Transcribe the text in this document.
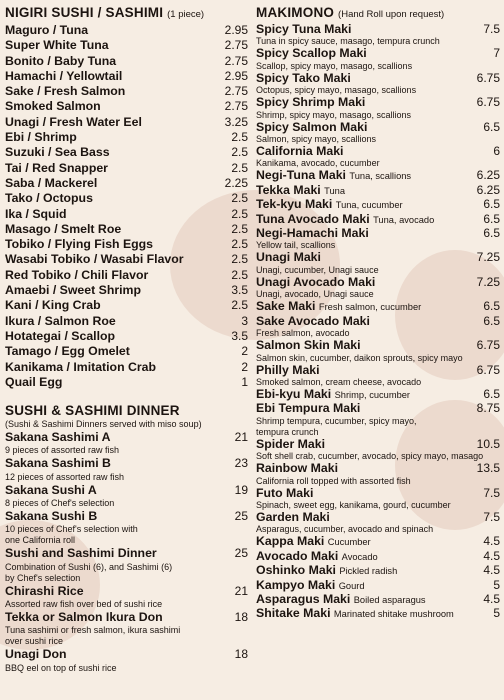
NIGIRI SUSHI / SASHIMI (1 piece)
Maguro / Tuna	2.95
Super White Tuna	2.75
Bonito / Baby Tuna	2.75
Hamachi / Yellowtail	2.95
Sake / Fresh Salmon	2.75
Smoked Salmon	2.75
Unagi / Fresh Water Eel	3.25
Ebi / Shrimp	2.5
Suzuki / Sea Bass	2.5
Tai / Red Snapper	2.5
Saba / Mackerel	2.25
Tako / Octopus	2.5
Ika / Squid	2.5
Masago / Smelt Roe	2.5
Tobiko / Flying Fish Eggs	2.5
Wasabi Tobiko / Wasabi Flavor	2.5
Red Tobiko / Chili Flavor	2.5
Amaebi / Sweet Shrimp	3.5
Kani / King Crab	2.5
Ikura / Salmon Roe	3
Hotategai / Scallop	3.5
Tamago / Egg Omelet	2
Kanikama / Imitation Crab	2
Quail Egg	1
SUSHI & SASHIMI DINNER
(Sushi & Sashimi Dinners served with miso soup)
Sakana Sashimi A	21
9 pieces of assorted raw fish
Sakana Sashimi B	23
12 pieces of assorted raw fish
Sakana Sushi A	19
8 pieces of Chef's selection
Sakana Sushi B	25
10 pieces of Chef's selection with
one California roll
Sushi and Sashimi Dinner	25
Combination of Sushi (6), and Sashimi (6)
by Chef's selection
Chirashi Rice	21
Assorted raw fish over bed of sushi rice
Tekka or Salmon Ikura Don	18
Tuna sashimi or fresh salmon, ikura sashimi
over sushi rice
Unagi Don	18
BBQ eel on top of sushi rice
MAKIMONO (Hand Roll upon request)
Spicy Tuna Maki	7.5
Tuna in spicy sauce, masago, tempura crunch
Spicy Scallop Maki	7
Scallop, spicy mayo, masago, scallions
Spicy Tako Maki	6.75
Octopus, spicy mayo, masago, scallions
Spicy Shrimp Maki	6.75
Shrimp, spicy mayo, masago, scallions
Spicy Salmon Maki	6.5
Salmon, spicy mayo, scallions
California Maki	6
Kanikama, avocado, cucumber
Negi-Tuna Maki Tuna, scallions	6.25
Tekka Maki Tuna	6.25
Tek-kyu Maki Tuna, cucumber	6.5
Tuna Avocado Maki Tuna, avocado	6.5
Negi-Hamachi Maki	6.5
Yellow tail, scallions
Unagi Maki	7.25
Unagi, cucumber, Unagi sauce
Unagi Avocado Maki	7.25
Unagi, avocado, Unagi sauce
Sake Maki Fresh salmon, cucumber	6.5
Sake Avocado Maki	6.5
Fresh salmon, avocado
Salmon Skin Maki	6.75
Salmon skin, cucumber, daikon sprouts, spicy mayo
Philly Maki	6.75
Smoked salmon, cream cheese, avocado
Ebi-kyu Maki Shrimp, cucumber	6.5
Ebi Tempura Maki	8.75
Shrimp tempura, cucumber, spicy mayo,
tempura crunch
Spider Maki	10.5
Soft shell crab, cucumber, avocado, spicy mayo, masago
Rainbow Maki	13.5
California roll topped with assorted fish
Futo Maki	7.5
Spinach, sweet egg, kanikama, gourd, cucumber
Garden Maki	7.5
Asparagus, cucumber, avocado and spinach
Kappa Maki Cucumber	4.5
Avocado Maki Avocado	4.5
Oshinko Maki Pickled radish	4.5
Kampyo Maki Gourd	5
Asparagus Maki Boiled asparagus	4.5
Shitake Maki Marinated shitake mushroom	5
